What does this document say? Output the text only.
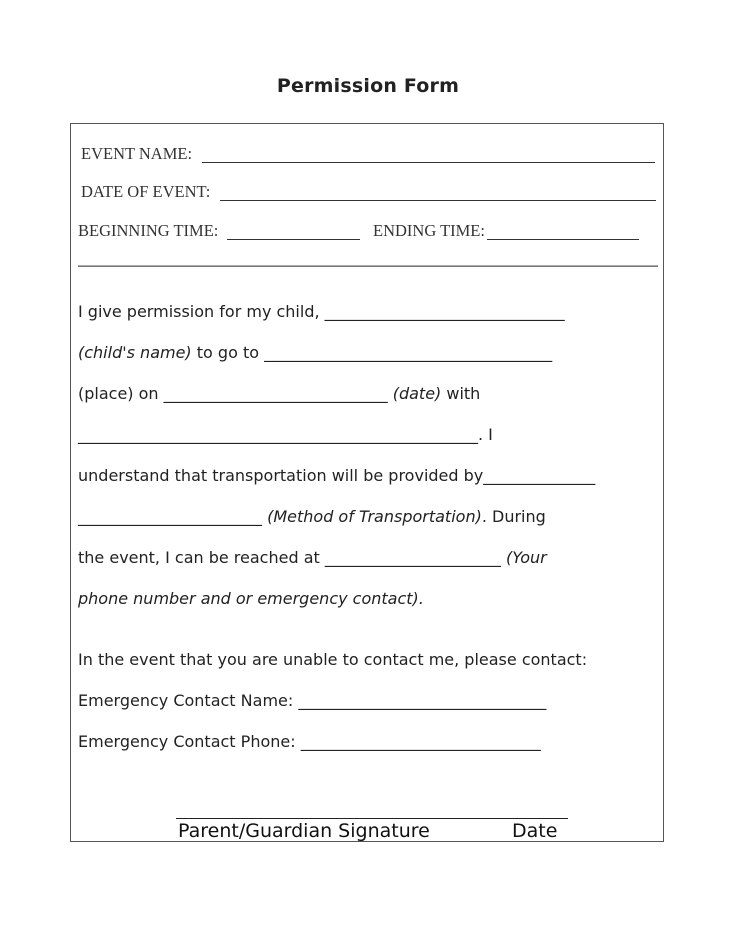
Permission Form
EVENT NAME:
DATE OF EVENT:
BEGINNING TIME:	ENDING TIME:
I give permission for my child, ______________________________
(child's name) to go to ____________________________________
(place) on ____________________________ (date) with
__________________________________________________. I
understand that transportation will be provided by______________
_______________________ (Method of Transportation). During
the event, I can be reached at ______________________ (Your
phone number and or emergency contact).
In the event that you are unable to contact me, please contact:
Emergency Contact Name: _______________________________
Emergency Contact Phone: ______________________________
Parent/Guardian Signature	Date
